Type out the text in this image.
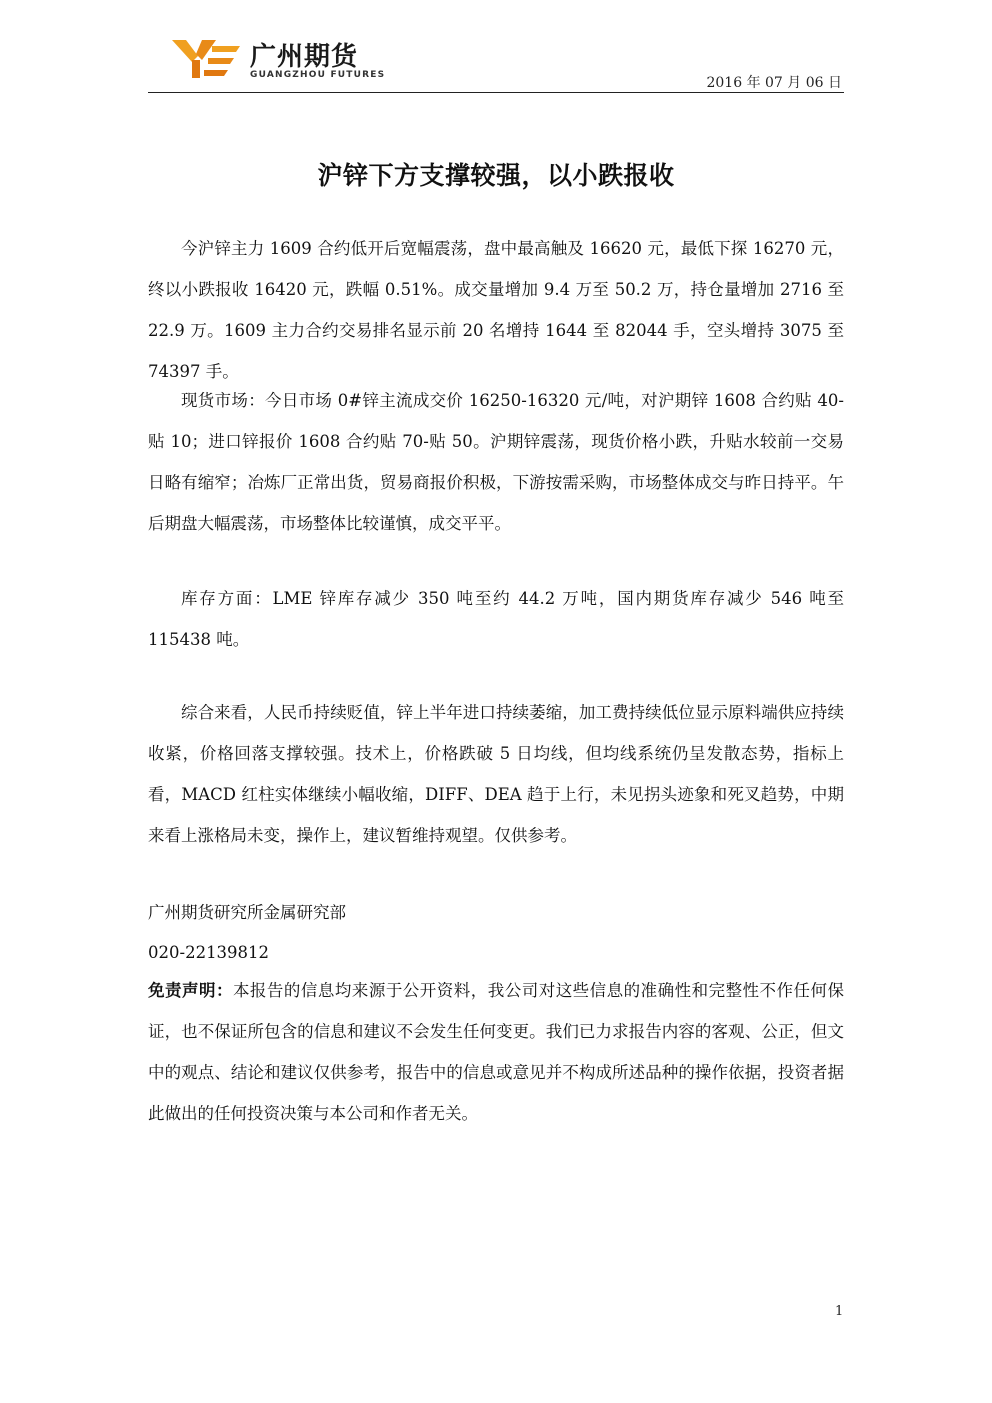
广州期货
GUANGZHOU FUTURES	2016 年 07 月 06 日
沪锌下方支撑较强，以小跌报收

今沪锌主力 1609 合约低开后宽幅震荡，盘中最高触及 16620 元，最低下探 16270 元，终以小跌报收 16420 元，跌幅 0.51%。成交量增加 9.4 万至 50.2 万，持仓量增加 2716 至 22.9 万。1609 主力合约交易排名显示前 20 名增持 1644 至 82044 手，空头增持 3075 至 74397 手。

现货市场：今日市场 0#锌主流成交价 16250-16320 元/吨，对沪期锌 1608 合约贴 40-贴 10；进口锌报价 1608 合约贴 70-贴 50。沪期锌震荡，现货价格小跌，升贴水较前一交易日略有缩窄；冶炼厂正常出货，贸易商报价积极，下游按需采购，市场整体成交与昨日持平。午后期盘大幅震荡，市场整体比较谨慎，成交平平。

库存方面：LME 锌库存减少 350 吨至约 44.2 万吨，国内期货库存减少 546 吨至 115438 吨。

综合来看，人民币持续贬值，锌上半年进口持续萎缩，加工费持续低位显示原料端供应持续收紧，价格回落支撑较强。技术上，价格跌破 5 日均线，但均线系统仍呈发散态势，指标上看，MACD 红柱实体继续小幅收缩，DIFF、DEA 趋于上行，未见拐头迹象和死叉趋势，中期来看上涨格局未变，操作上，建议暂维持观望。仅供参考。

广州期货研究所金属研究部

020-22139812

免责声明：本报告的信息均来源于公开资料，我公司对这些信息的准确性和完整性不作任何保证，也不保证所包含的信息和建议不会发生任何变更。我们已力求报告内容的客观、公正，但文中的观点、结论和建议仅供参考，报告中的信息或意见并不构成所述品种的操作依据，投资者据此做出的任何投资决策与本公司和作者无关。

1
